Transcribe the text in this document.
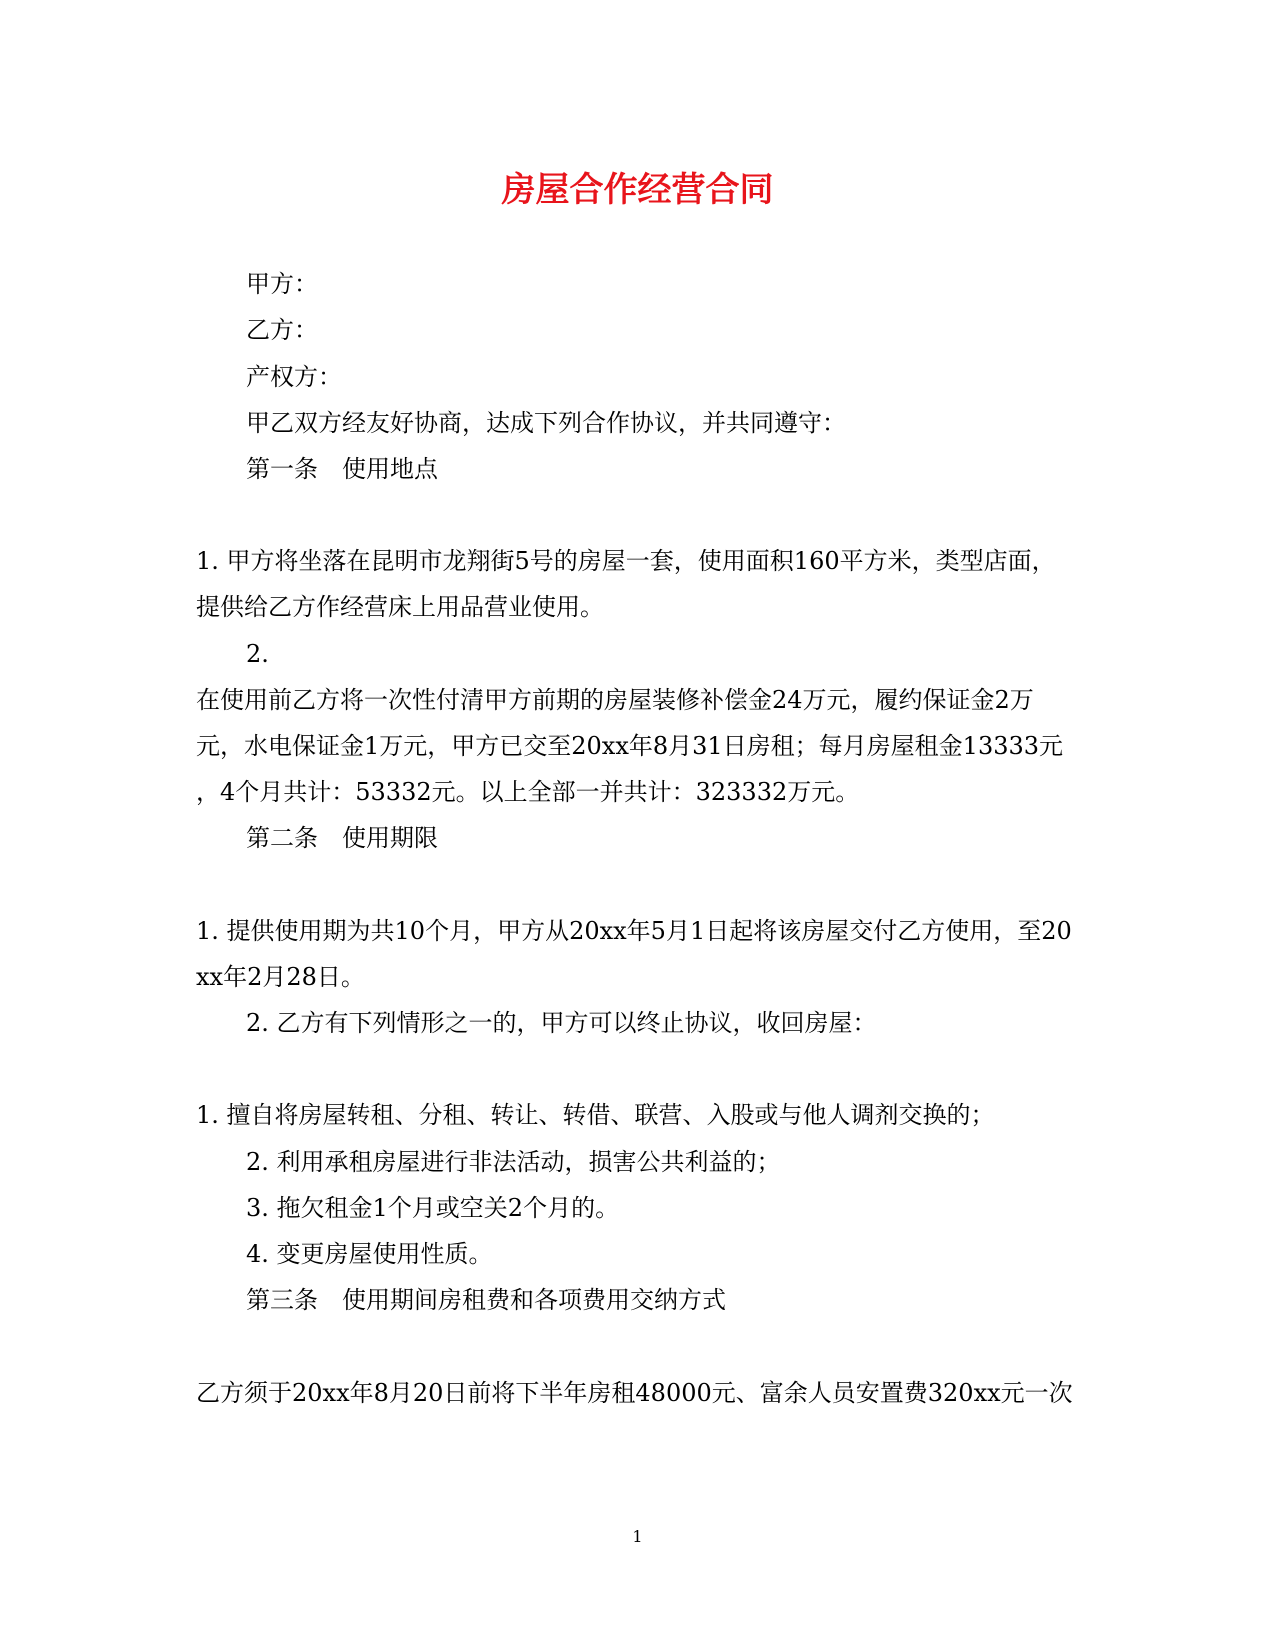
房屋合作经营合同
甲方：
乙方：
产权方：
甲乙双方经友好协商，达成下列合作协议，并共同遵守：
第一条　使用地点
1. 甲方将坐落在昆明市龙翔街5号的房屋一套，使用面积160平方米，类型店面，
提供给乙方作经营床上用品营业使用。
2.
在使用前乙方将一次性付清甲方前期的房屋装修补偿金24万元，履约保证金2万
元，水电保证金1万元，甲方已交至20xx年8月31日房租；每月房屋租金13333元
，4个月共计：53332元。以上全部一并共计：323332万元。
第二条　使用期限
1. 提供使用期为共10个月，甲方从20xx年5月1日起将该房屋交付乙方使用，至20
xx年2月28日。
2. 乙方有下列情形之一的，甲方可以终止协议，收回房屋：
1. 擅自将房屋转租、分租、转让、转借、联营、入股或与他人调剂交换的；
2. 利用承租房屋进行非法活动，损害公共利益的；
3. 拖欠租金1个月或空关2个月的。
4. 变更房屋使用性质。
第三条　使用期间房租费和各项费用交纳方式
乙方须于20xx年8月20日前将下半年房租48000元、富余人员安置费320xx元一次
1
